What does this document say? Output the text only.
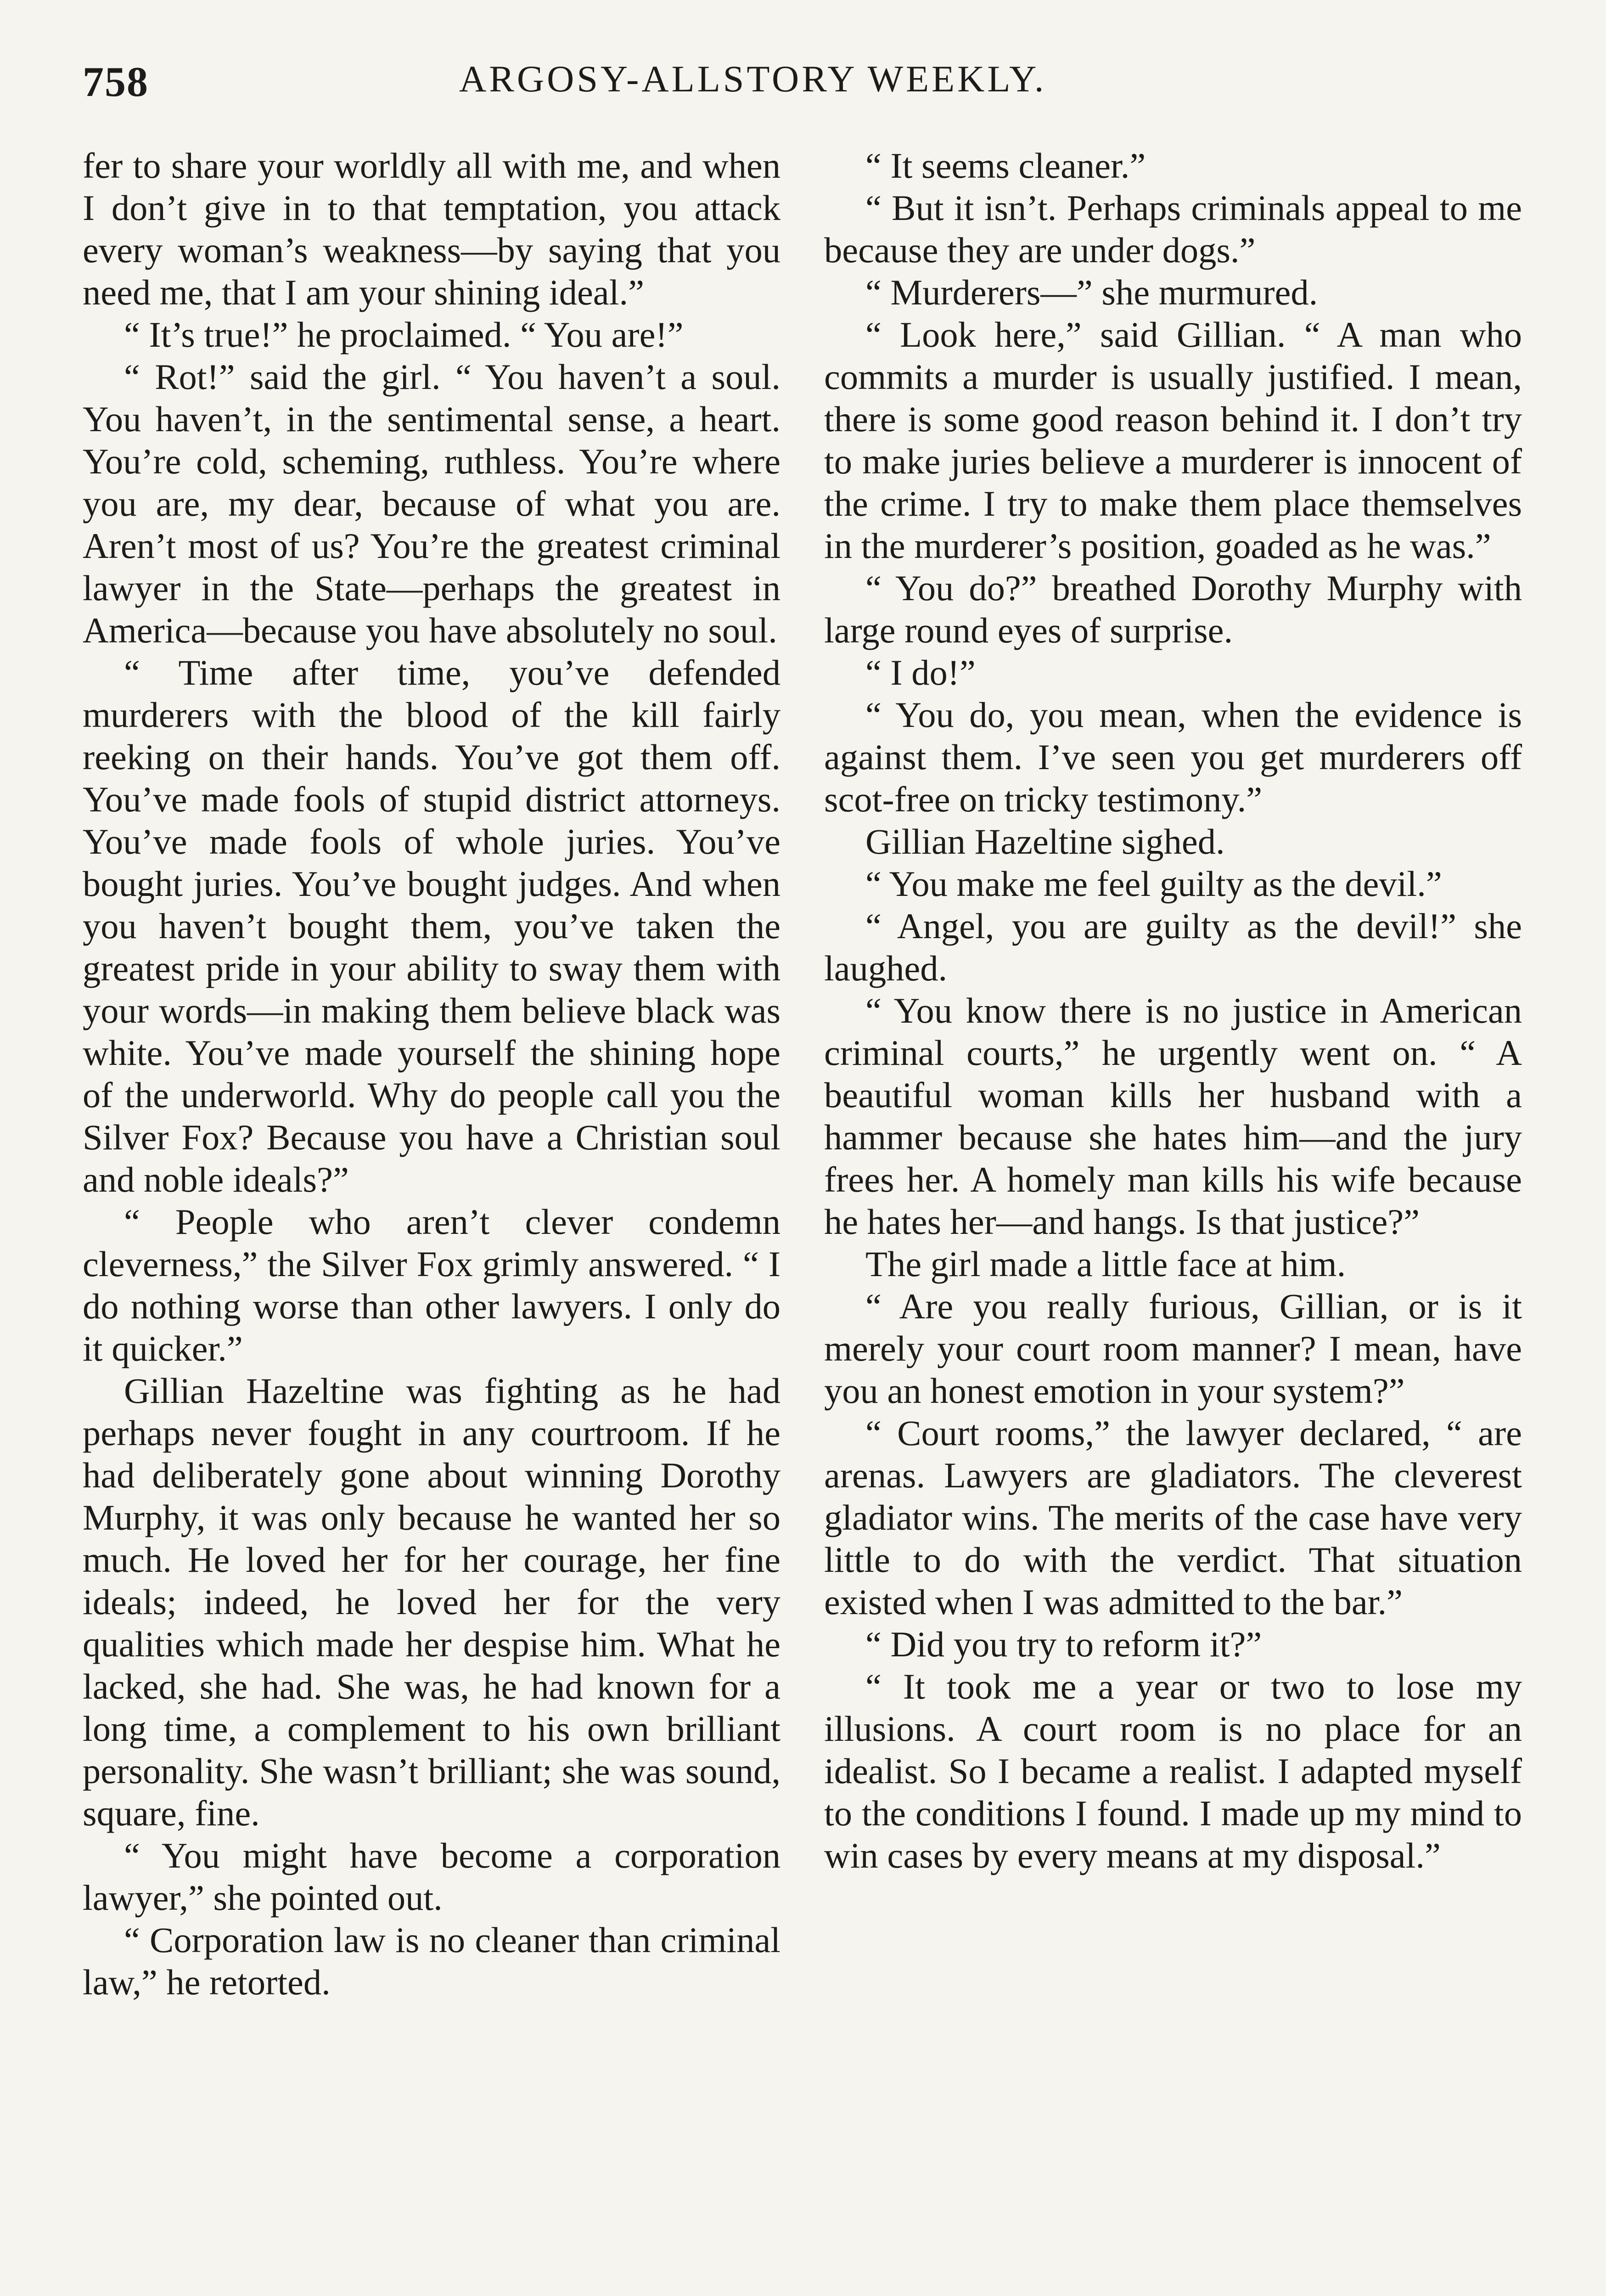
758	ARGOSY-ALLSTORY WEEKLY.

fer to share your worldly all with me, and when I don’t give in to that temptation, you attack every woman’s weakness—by saying that you need me, that I am your shining ideal.”

“ It’s true!” he proclaimed. “ You are!”

“ Rot!” said the girl. “ You haven’t a soul. You haven’t, in the sentimental sense, a heart. You’re cold, scheming, ruthless. You’re where you are, my dear, because of what you are. Aren’t most of us? You’re the greatest criminal lawyer in the State—perhaps the greatest in America—because you have absolutely no soul.

“ Time after time, you’ve defended murderers with the blood of the kill fairly reeking on their hands. You’ve got them off. You’ve made fools of stupid district attorneys. You’ve made fools of whole juries. You’ve bought juries. You’ve bought judges. And when you haven’t bought them, you’ve taken the greatest pride in your ability to sway them with your words—in making them believe black was white. You’ve made yourself the shining hope of the underworld. Why do people call you the Silver Fox? Because you have a Christian soul and noble ideals?”

“ People who aren’t clever condemn cleverness,” the Silver Fox grimly answered. “ I do nothing worse than other lawyers. I only do it quicker.”

Gillian Hazeltine was fighting as he had perhaps never fought in any courtroom. If he had deliberately gone about winning Dorothy Murphy, it was only because he wanted her so much. He loved her for her courage, her fine ideals; indeed, he loved her for the very qualities which made her despise him. What he lacked, she had. She was, he had known for a long time, a complement to his own brilliant personality. She wasn’t brilliant; she was sound, square, fine.

“ You might have become a corporation lawyer,” she pointed out.

“ Corporation law is no cleaner than criminal law,” he retorted.

“ It seems cleaner.”

“ But it isn’t. Perhaps criminals appeal to me because they are under dogs.”

“ Murderers—” she murmured.

“ Look here,” said Gillian. “ A man who commits a murder is usually justified. I mean, there is some good reason behind it. I don’t try to make juries believe a murderer is innocent of the crime. I try to make them place themselves in the murderer’s position, goaded as he was.”

“ You do?” breathed Dorothy Murphy with large round eyes of surprise.

“ I do!”

“ You do, you mean, when the evidence is against them. I’ve seen you get murderers off scot-free on tricky testimony.”

Gillian Hazeltine sighed.

“ You make me feel guilty as the devil.”

“ Angel, you are guilty as the devil!” she laughed.

“ You know there is no justice in American criminal courts,” he urgently went on. “ A beautiful woman kills her husband with a hammer because she hates him—and the jury frees her. A homely man kills his wife because he hates her—and hangs. Is that justice?”

The girl made a little face at him.

“ Are you really furious, Gillian, or is it merely your court room manner? I mean, have you an honest emotion in your system?”

“ Court rooms,” the lawyer declared, “ are arenas. Lawyers are gladiators. The cleverest gladiator wins. The merits of the case have very little to do with the verdict. That situation existed when I was admitted to the bar.”

“ Did you try to reform it?”

“ It took me a year or two to lose my illusions. A court room is no place for an idealist. So I became a realist. I adapted myself to the conditions I found. I made up my mind to win cases by every means at my disposal.”
